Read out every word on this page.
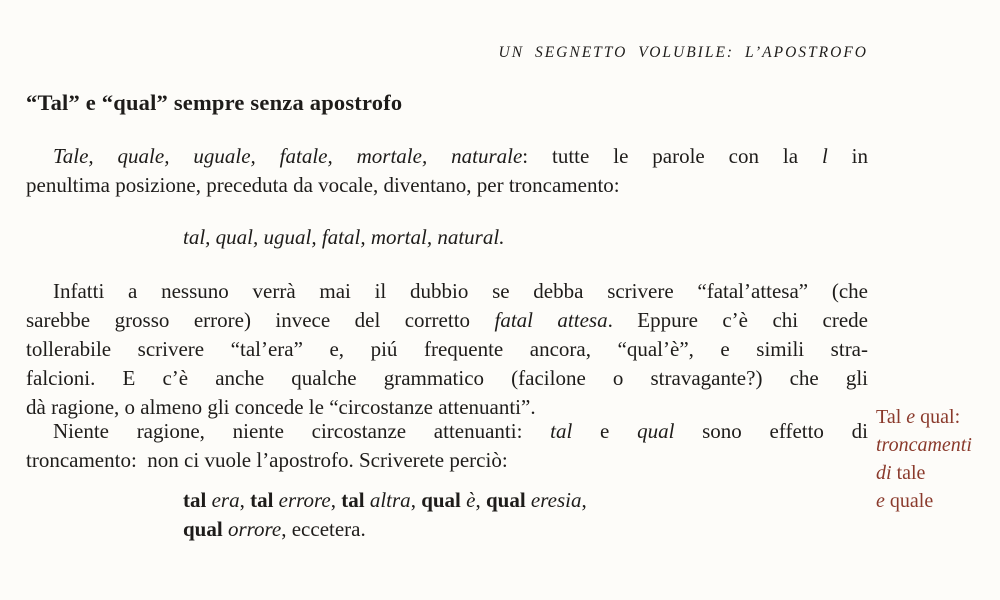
UN SEGNETTO VOLUBILE: L’APOSTROFO
“Tal” e “qual” sempre senza apostrofo

Tale, quale, uguale, fatale, mortale, naturale: tutte le parole con la l in

penultima posizione, preceduta da vocale, diventano, per troncamento:

tal, qual, ugual, fatal, mortal, natural.

Infatti a nessuno verrà mai il dubbio se debba scrivere “fatal’attesa” (che

sarebbe grosso errore) invece del corretto fatal attesa. Eppure c’è chi crede

tollerabile scrivere “tal’era” e, piú frequente ancora, “qual’è”, e simili stra-

falcioni. E c’è anche qualche grammatico (facilone o stravagante?) che gli

dà ragione, o almeno gli concede le “circostanze attenuanti”.

Niente ragione, niente circostanze attenuanti: tal e qual sono effetto di

troncamento: non ci vuole l’apostrofo. Scriverete perciò:

tal era, tal errore, tal altra, qual è, qual eresia,

qual orrore, eccetera.

Tal e qual:

troncamenti

di tale

e quale
